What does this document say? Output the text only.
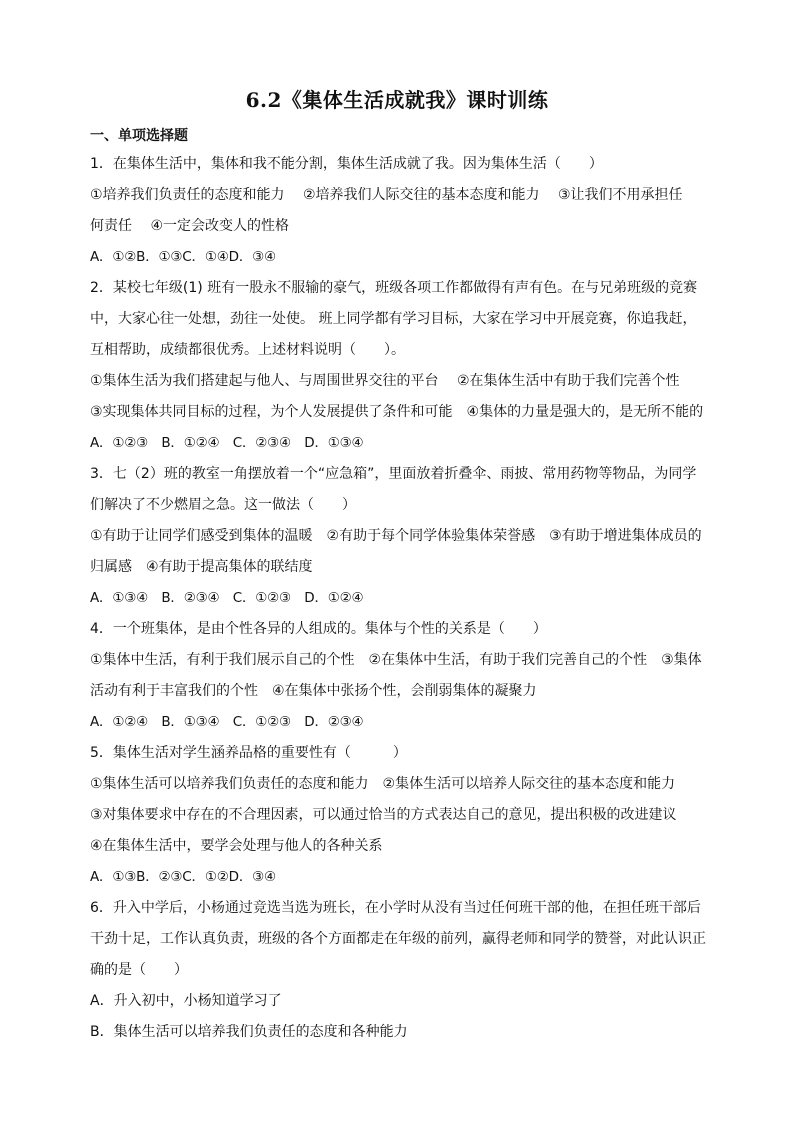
6.2《集体生活成就我》课时训练
一、单项选择题
1．在集体生活中，集体和我不能分割，集体生活成就了我。因为集体生活（　　）
①培养我们负责任的态度和能力　 ②培养我们人际交往的基本态度和能力　 ③让我们不用承担任
何责任　 ④一定会改变人的性格
A．①②B．①③C．①④D．③④
2．某校七年级(1) 班有一股永不服输的豪气，班级各项工作都做得有声有色。在与兄弟班级的竞赛
中，大家心往一处想，劲往一处使。 班上同学都有学习目标，大家在学习中开展竞赛，你追我赶，
互相帮助，成绩都很优秀。上述材料说明（　　）。
①集体生活为我们搭建起与他人、与周围世界交往的平台　 ②在集体生活中有助于我们完善个性
③实现集体共同目标的过程，为个人发展提供了条件和可能　④集体的力量是强大的，是无所不能的
A．①②③　B．①②④　C．②③④　D．①③④
3．七（2）班的教室一角摆放着一个“应急箱”，里面放着折叠伞、雨披、常用药物等物品，为同学
们解决了不少燃眉之急。这一做法（　　）
①有助于让同学们感受到集体的温暖　②有助于每个同学体验集体荣誉感　③有助于增进集体成员的
归属感　④有助于提高集体的联结度
A．①③④　B．②③④　C．①②③　D．①②④
4．一个班集体，是由个性各异的人组成的。集体与个性的关系是（　　）
①集体中生活，有利于我们展示自己的个性　②在集体中生活，有助于我们完善自己的个性　③集体
活动有利于丰富我们的个性　④在集体中张扬个性，会削弱集体的凝聚力
A．①②④　B．①③④　C．①②③　D．②③④
5．集体生活对学生涵养品格的重要性有（　　　）
①集体生活可以培养我们负责任的态度和能力　②集体生活可以培养人际交往的基本态度和能力
③对集体要求中存在的不合理因素，可以通过恰当的方式表达自己的意见，提出积极的改进建议
④在集体生活中，要学会处理与他人的各种关系
A．①③B．②③C．①②D．③④
6．升入中学后，小杨通过竞选当选为班长，在小学时从没有当过任何班干部的他，在担任班干部后
干劲十足，工作认真负责，班级的各个方面都走在年级的前列，赢得老师和同学的赞誉，对此认识正
确的是（　　）
A．升入初中，小杨知道学习了
B．集体生活可以培养我们负责任的态度和各种能力
